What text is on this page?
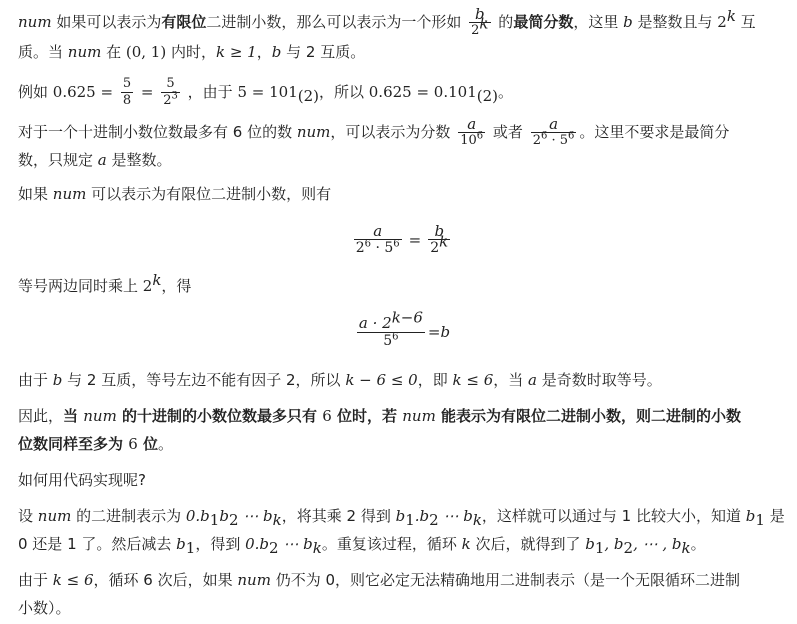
num 如果可以表示为有限位二进制小数，那么可以表示为一个形如 $\frac{b}{2^k}$ 的最简分数，这里 b 是整数且与 2$^k$ 互
质。当 num 在 (0, 1) 内时，k ≥ 1，b 与 2 互质。
例如 $0.625 = \frac{5}{8} = \frac{5}{2^3}$ ，由于 $5 = 101_{(2)}$，所以 $0.625 = 0.101_{(2)}$。
对于一个十进制小数位数最多有 6 位的数 num，可以表示为分数 $\frac{a}{10^6}$ 或者 $\frac{a}{2^6 \cdot 5^6}$ 。这里不要求是最简分
数，只规定 a 是整数。
如果 num 可以表示为有限位二进制小数，则有
$\frac{a}{2^6 \cdot 5^6} = \frac{b}{2^k}$
等号两边同时乘上 2$^k$，得
$\frac{a \cdot 2^{k-6}}{5^6} = b$
由于 b 与 2 互质，等号左边不能有因子 2，所以 k − 6 ≤ 0，即 k ≤ 6，当 a 是奇数时取等号。
因此，当 num 的十进制的小数位数最多只有 6 位时，若 num 能表示为有限位二进制小数，则二进制的小数
位数同样至多为 6 位。
如何用代码实现呢?
设 num 的二进制表示为 $0.b_1b_2$ ⋯ $b_k$，将其乘 2 得到 $b_1.b_2$ ⋯ $b_k$，这样就可以通过与 1 比较大小，知道 $b_1$ 是
0 还是 1 了。然后减去 $b_1$，得到 $0.b_2$ ⋯ $b_k$。重复该过程，循环 k 次后，就得到了 $b_1$, $b_2$, ⋯ , $b_k$。
由于 k ≤ 6，循环 6 次后，如果 num 仍不为 0，则它必定无法精确地用二进制表示（是一个无限循环二进制
小数）。
